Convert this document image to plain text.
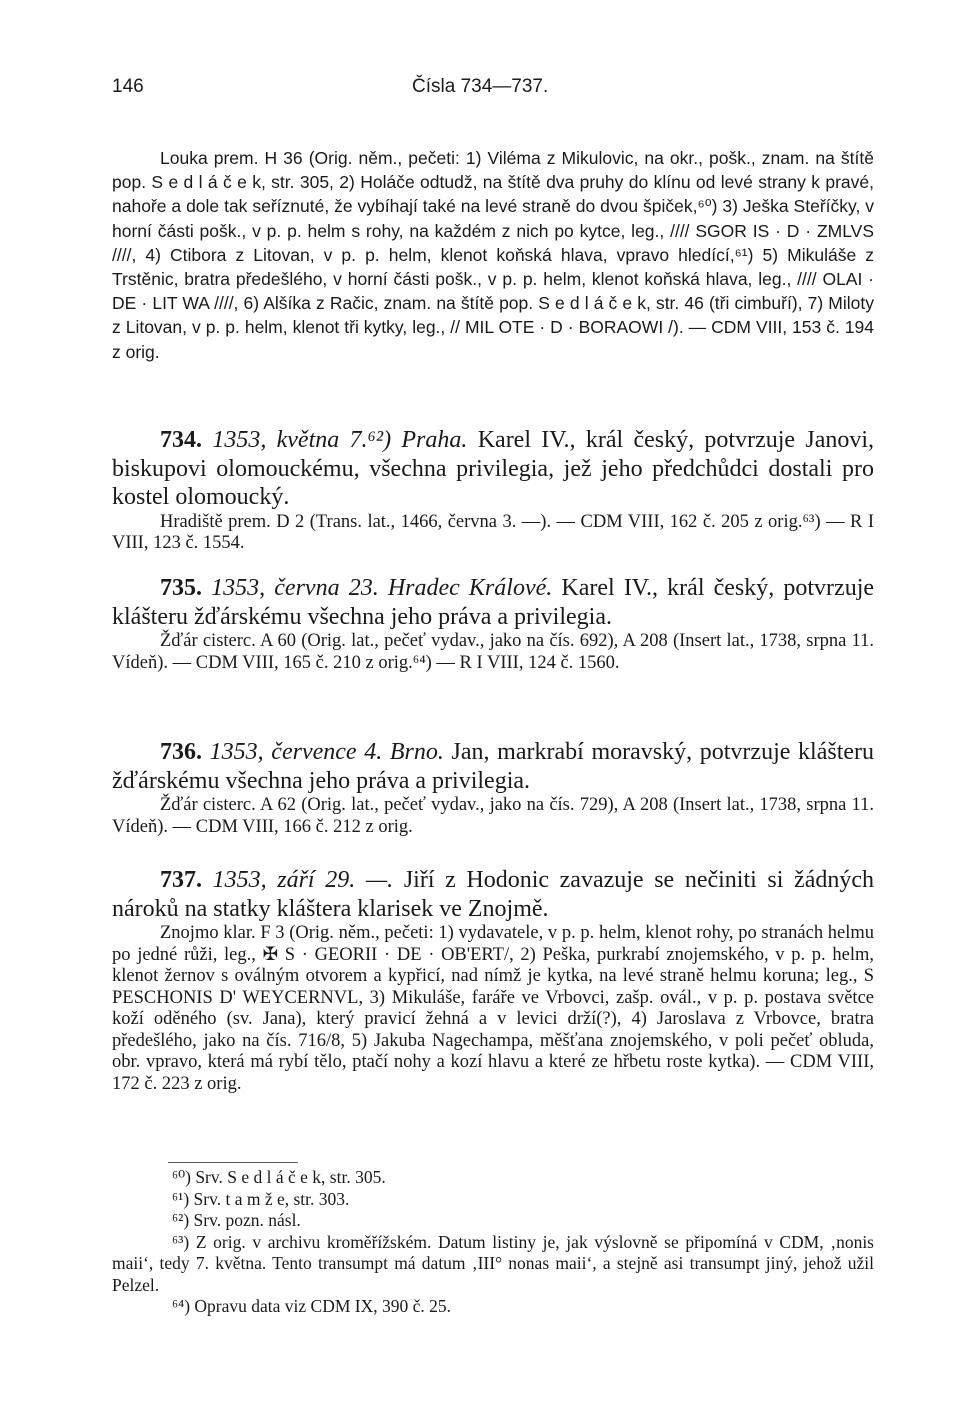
146	Čísla 734—737.
Louka prem. H 36 (Orig. něm., pečeti: 1) Viléma z Mikulovic, na okr., pošk., znam. na štítě pop. S e d l á č e k, str. 305, 2) Holáče odtudž, na štítě dva pruhy do klínu od levé strany k pravé, nahoře a dole tak seříznuté, že vybíhají také na levé straně do dvou špiček,⁶⁰) 3) Ješka Steříčky, v horní části pošk., v p. p. helm s rohy, na každém z nich po kytce, leg., //// SGOR IS · D · ZMLVS ////, 4) Ctibora z Litovan, v p. p. helm, klenot koňská hlava, vpravo hledící,⁶¹) 5) Mikuláše z Trstěnic, bratra předešlého, v horní části pošk., v p. p. helm, klenot koňská hlava, leg., //// OLAI · DE · LIT WA ////, 6) Alšíka z Račic, znam. na štítě pop. S e d l á č e k, str. 46 (tři cimbuří), 7) Miloty z Litovan, v p. p. helm, klenot tři kytky, leg., // MIL OTE · D · BORAOWI /). — CDM VIII, 153 č. 194 z orig.
734. 1353, května 7.⁶²) Praha. Karel IV., král český, potvrzuje Janovi, biskupovi olomouckému, všechna privilegia, jež jeho předchůdci dostali pro kostel olomoucký.
Hradiště prem. D 2 (Trans. lat., 1466, června 3. —). — CDM VIII, 162 č. 205 z orig.⁶³) — R I VIII, 123 č. 1554.
735. 1353, června 23. Hradec Králové. Karel IV., král český, potvrzuje klášteru žďárskému všechna jeho práva a privilegia.
Žďár cisterc. A 60 (Orig. lat., pečeť vydav., jako na čís. 692), A 208 (Insert lat., 1738, srpna 11. Vídeň). — CDM VIII, 165 č. 210 z orig.⁶⁴) — R I VIII, 124 č. 1560.
736. 1353, července 4. Brno. Jan, markrabí moravský, potvrzuje klášteru žďárskému všechna jeho práva a privilegia.
Žďár cisterc. A 62 (Orig. lat., pečeť vydav., jako na čís. 729), A 208 (Insert lat., 1738, srpna 11. Vídeň). — CDM VIII, 166 č. 212 z orig.
737. 1353, září 29. —. Jiří z Hodonic zavazuje se nečiniti si žádných nároků na statky kláštera klarisek ve Znojmě.
Znojmo klar. F 3 (Orig. něm., pečeti: 1) vydavatele, v p. p. helm, klenot rohy, po stranách helmu po jedné růži, leg., ✠ S · GEORII · DE · OB'ERT/, 2) Peška, purkrabí znojemského, v p. p. helm, klenot žernov s oválným otvorem a kypřicí, nad nímž je kytka, na levé straně helmu koruna; leg., S PESCHONIS D' WEYCERNVL, 3) Mikuláše, faráře ve Vrbovci, zašp. ovál., v p. p. postava světce koží oděného (sv. Jana), který pravicí žehná a v levici drží(?), 4) Jaroslava z Vrbovce, bratra předešlého, jako na čís. 716/8, 5) Jakuba Nagechampa, měšťana znojemského, v poli pečeť obluda, obr. vpravo, která má rybí tělo, ptačí nohy a kozí hlavu a které ze hřbetu roste kytka). — CDM VIII, 172 č. 223 z orig.
⁶⁰) Srv. S e d l á č e k, str. 305.
⁶¹) Srv. t a m ž e, str. 303.
⁶²) Srv. pozn. násl.
⁶³) Z orig. v archivu kroměřížském. Datum listiny je, jak výslovně se připomíná v CDM, ‚nonis maii‘, tedy 7. května. Tento transumpt má datum ‚III° nonas maii‘, a stejně asi transumpt jiný, jehož užil Pelzel.
⁶⁴) Opravu data viz CDM IX, 390 č. 25.
